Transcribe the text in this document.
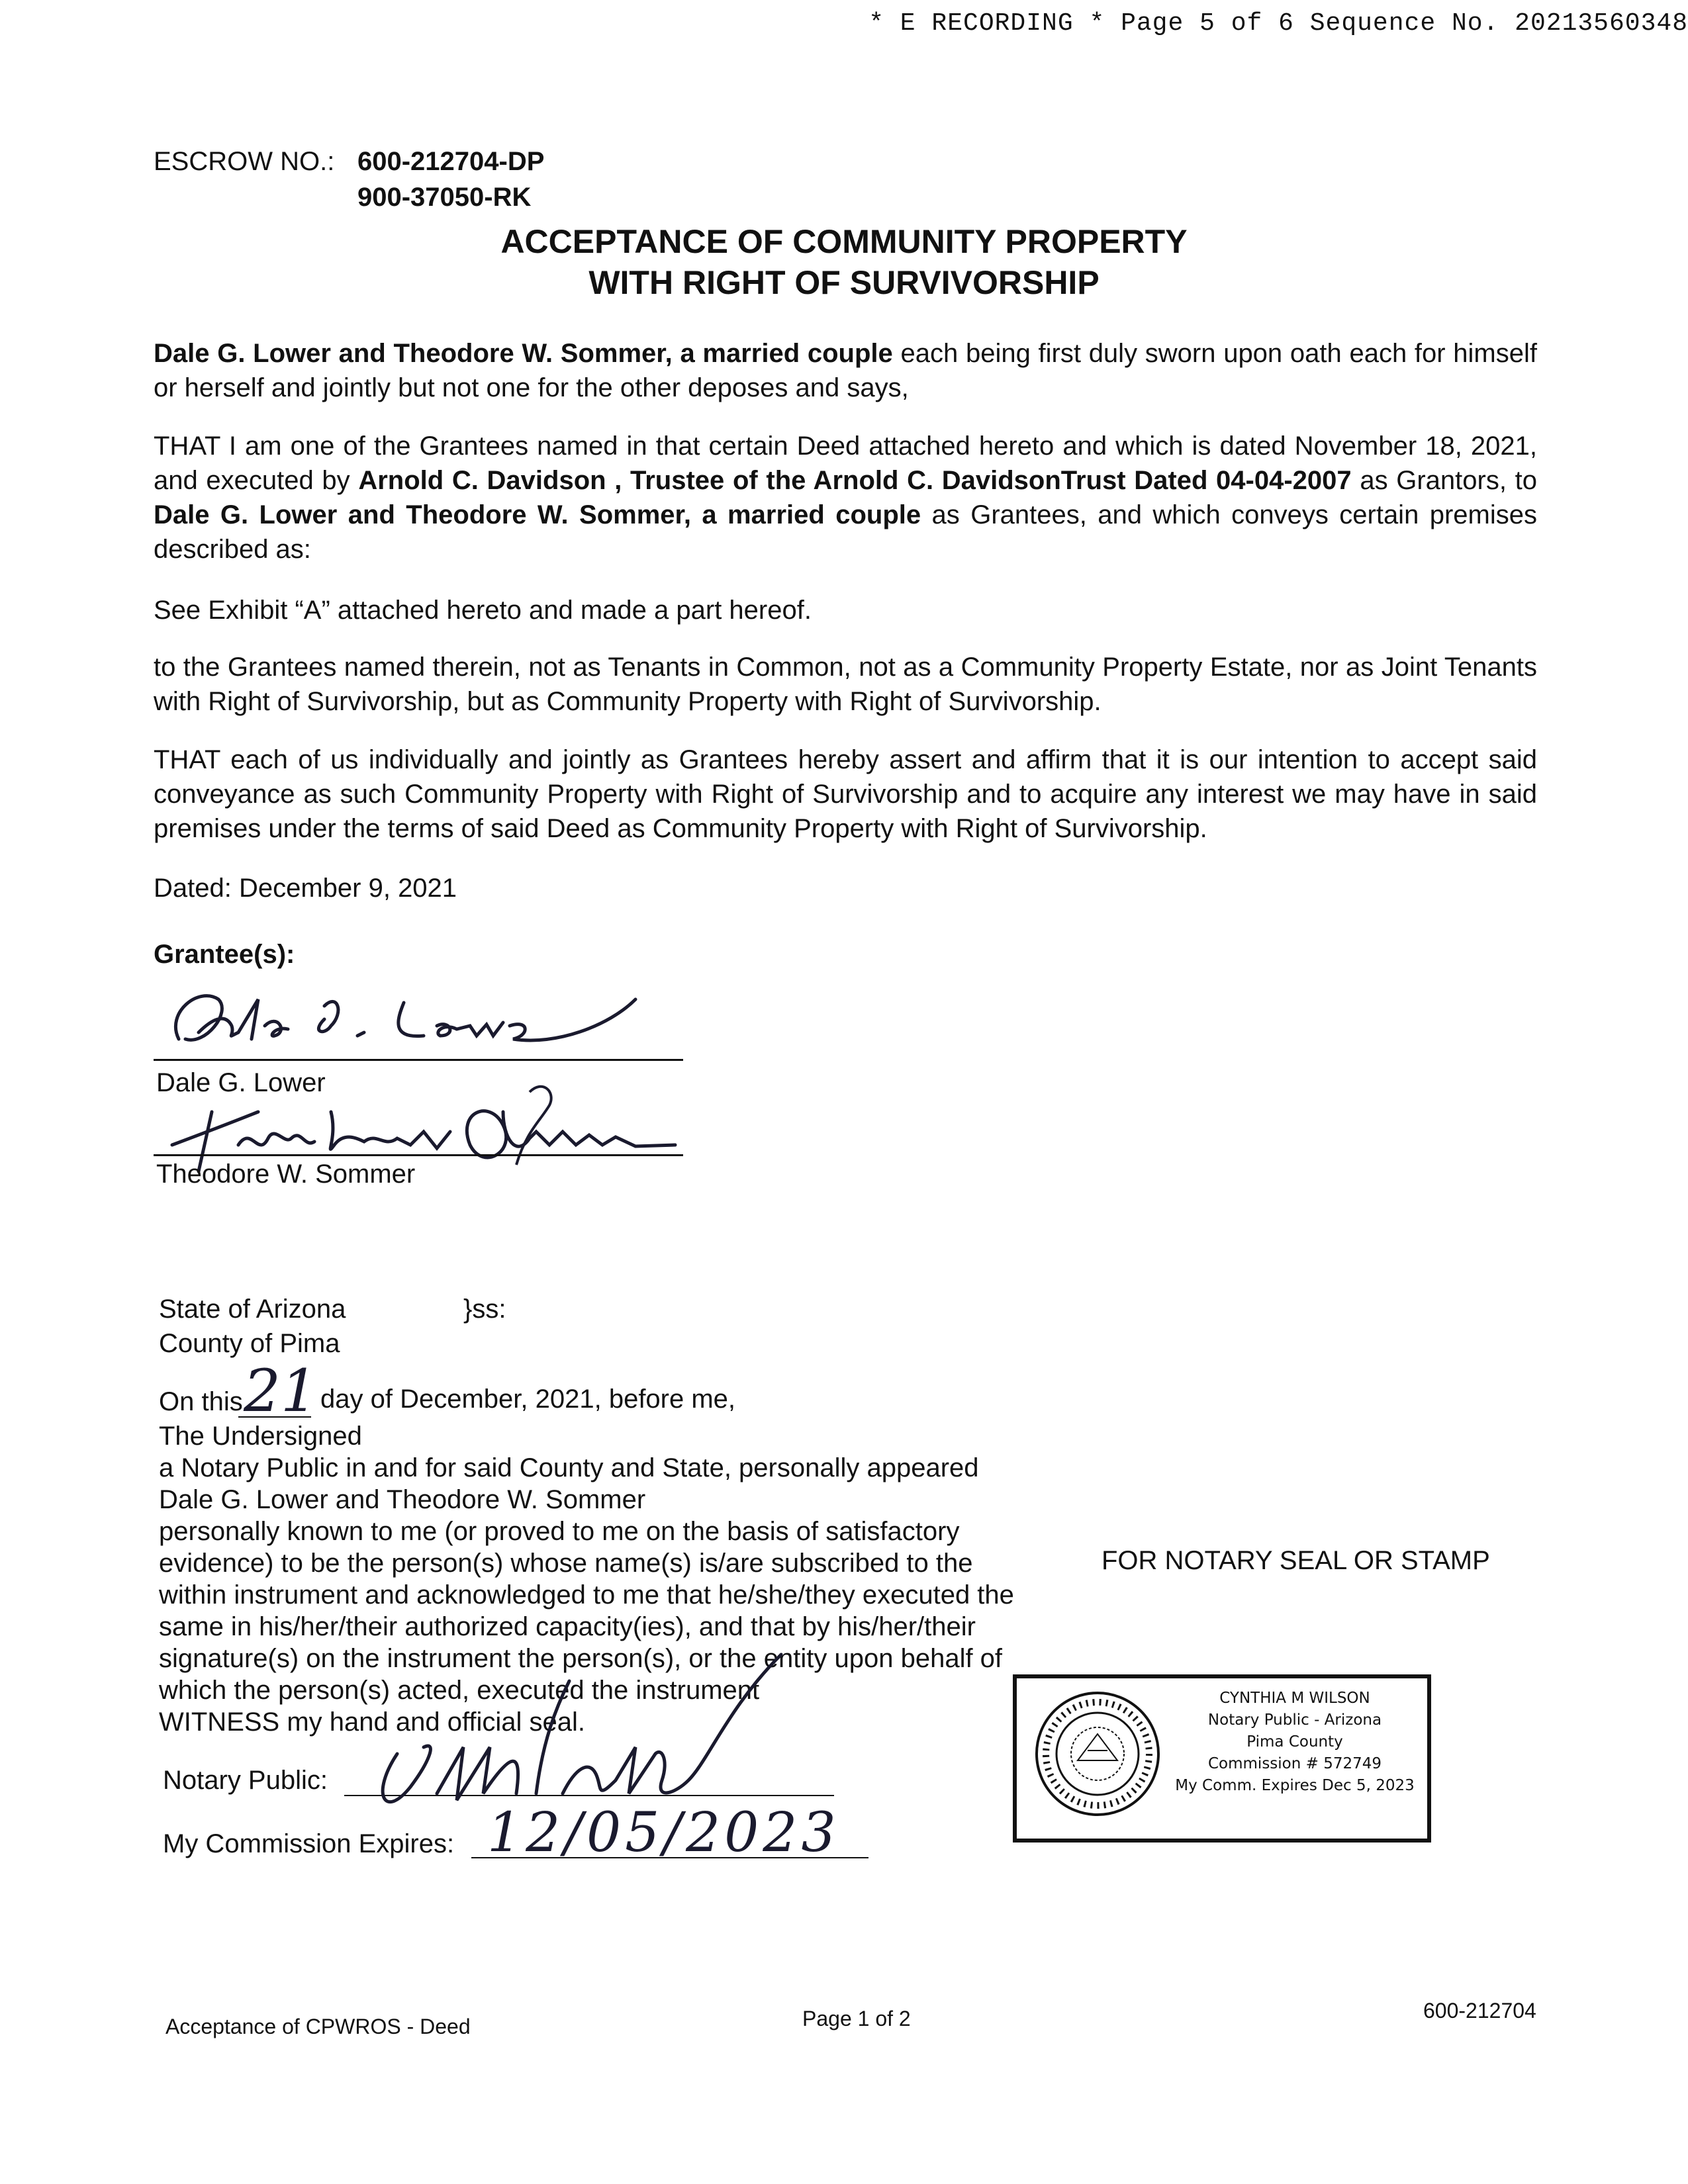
* E RECORDING * Page 5 of 6 Sequence No. 20213560348
ESCROW NO.: 600-212704-DP
900-37050-RK
ACCEPTANCE OF COMMUNITY PROPERTY
WITH RIGHT OF SURVIVORSHIP
Dale G. Lower and Theodore W. Sommer, a married couple each being first duly sworn upon oath each for himself or herself and jointly but not one for the other deposes and says,
THAT I am one of the Grantees named in that certain Deed attached hereto and which is dated November 18, 2021, and executed by Arnold C. Davidson , Trustee of the Arnold C. DavidsonTrust Dated 04-04-2007 as Grantors, to Dale G. Lower and Theodore W. Sommer, a married couple as Grantees, and which conveys certain premises described as:
See Exhibit “A” attached hereto and made a part hereof.
to the Grantees named therein, not as Tenants in Common, not as a Community Property Estate, nor as Joint Tenants with Right of Survivorship, but as Community Property with Right of Survivorship.
THAT each of us individually and jointly as Grantees hereby assert and affirm that it is our intention to accept said conveyance as such Community Property with Right of Survivorship and to acquire any interest we may have in said premises under the terms of said Deed as Community Property with Right of Survivorship.
Dated: December 9, 2021
Grantee(s):
Dale G. Lower
Theodore W. Sommer
State of Arizona	}ss:
County of Pima
On this 21 day of December, 2021, before me,
The Undersigned
a Notary Public in and for said County and State, personally appeared
Dale G. Lower and Theodore W. Sommer
personally known to me (or proved to me on the basis of satisfactory
evidence) to be the person(s) whose name(s) is/are subscribed to the
within instrument and acknowledged to me that he/she/they executed the
same in his/her/their authorized capacity(ies), and that by his/her/their
signature(s) on the instrument the person(s), or the entity upon behalf of
which the person(s) acted, executed the instrument
WITNESS my hand and official seal.
Notary Public:
My Commission Expires: 12/05/2023
FOR NOTARY SEAL OR STAMP
CYNTHIA M WILSON
Notary Public - Arizona
Pima County
Commission # 572749
My Comm. Expires Dec 5, 2023
Acceptance of CPWROS - Deed	Page 1 of 2	600-212704
